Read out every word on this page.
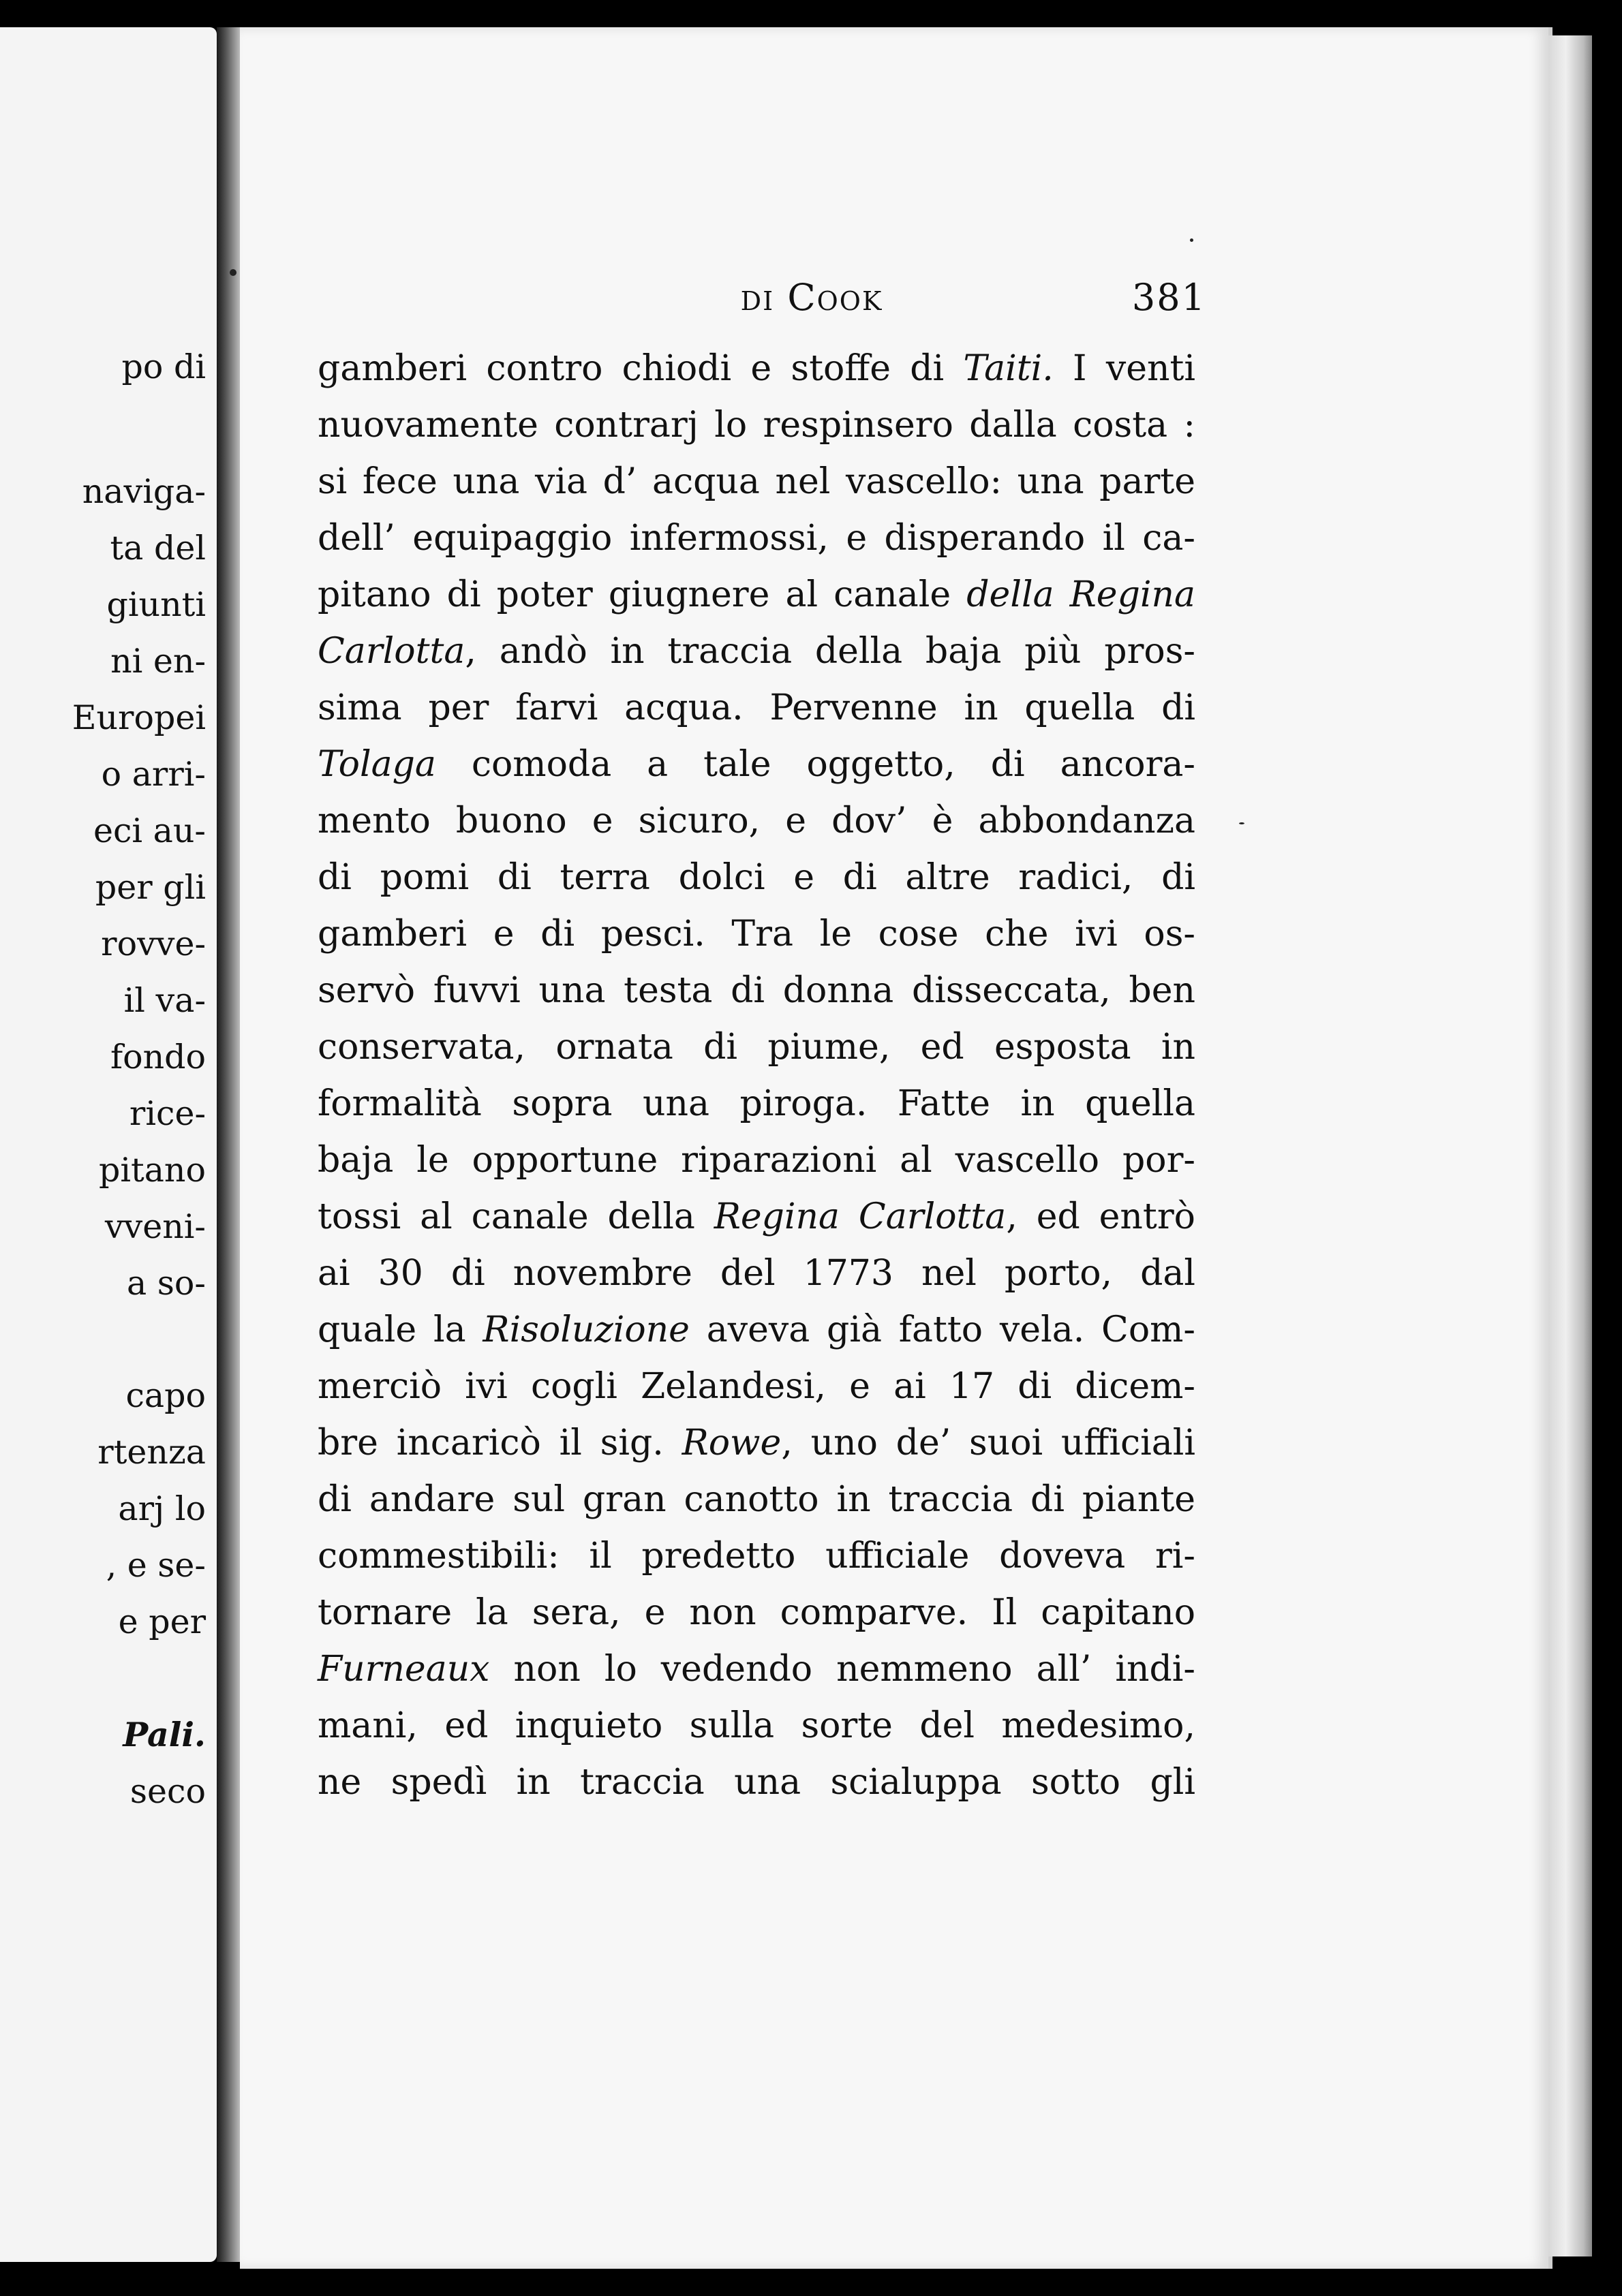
po di
naviga-
ta del
giunti
ni en-
Europei
o arri-
eci au-
per gli
rovve-
il va-
fondo
rice-
pitano
vveni-
a so-
capo
rtenza
arj lo
, e se-
e per
Pali.
seco
di Cook	381
gamberi contro chiodi e stoffe di Taiti. I venti
nuovamente contrarj lo respinsero dalla costa :
si fece una via d’ acqua nel vascello: una parte
dell’ equipaggio infermossi, e disperando il ca-
pitano di poter giugnere al canale della Regina
Carlotta, andò in traccia della baja più pros-
sima per farvi acqua. Pervenne in quella di
Tolaga comoda a tale oggetto, di ancora-
mento buono e sicuro, e dov’ è abbondanza
di pomi di terra dolci e di altre radici, di
gamberi e di pesci. Tra le cose che ivi os-
servò fuvvi una testa di donna disseccata, ben
conservata, ornata di piume, ed esposta in
formalità sopra una piroga. Fatte in quella
baja le opportune riparazioni al vascello por-
tossi al canale della Regina Carlotta, ed entrò
ai 30 di novembre del 1773 nel porto, dal
quale la Risoluzione aveva già fatto vela. Com-
merciò ivi cogli Zelandesi, e ai 17 di dicem-
bre incaricò il sig. Rowe, uno de’ suoi ufficiali
di andare sul gran canotto in traccia di piante
commestibili: il predetto ufficiale doveva ri-
tornare la sera, e non comparve. Il capitano
Furneaux non lo vedendo nemmeno all’ indi-
mani, ed inquieto sulla sorte del medesimo,
ne spedì in traccia una scialuppa sotto gli
